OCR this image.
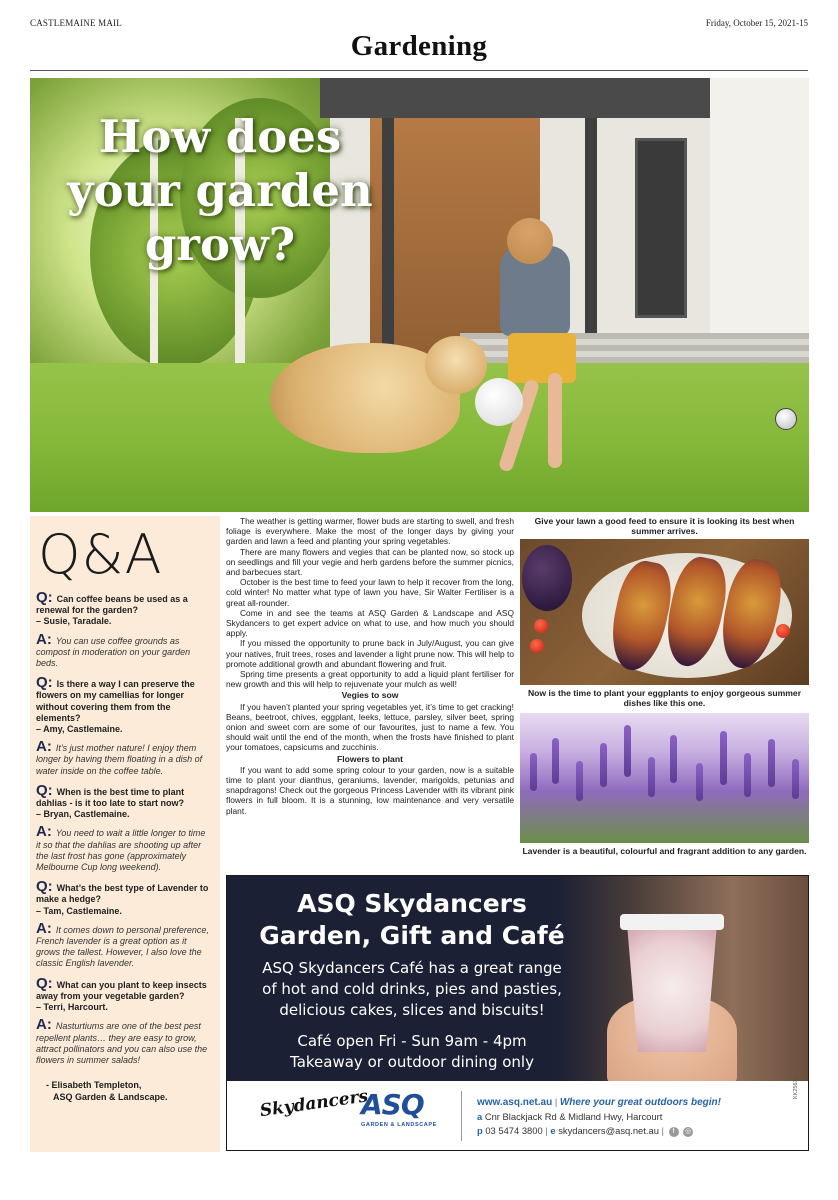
CASTLEMAINE MAIL	Friday, October 15, 2021-15
Gardening
How does
your garden
grow?
Q&A
Q: Can coffee beans be used as a renewal for the garden?
– Susie, Taradale.
A: You can use coffee grounds as compost in moderation on your garden beds.
Q: Is there a way I can preserve the flowers on my camellias for longer without covering them from the elements?
– Amy, Castlemaine.
A: It’s just mother nature! I enjoy them longer by having them floating in a dish of water inside on the coffee table.
Q: When is the best time to plant dahlias - is it too late to start now?
– Bryan, Castlemaine.
A: You need to wait a little longer to time it so that the dahlias are shooting up after the last frost has gone (approximately Melbourne Cup long weekend).
Q: What’s the best type of Lavender to make a hedge?
– Tam, Castlemaine.
A: It comes down to personal preference, French lavender is a great option as it grows the tallest. However, I also love the classic English lavender.
Q: What can you plant to keep insects away from your vegetable garden?
– Terri, Harcourt.
A: Nasturtiums are one of the best pest repellent plants… they are easy to grow, attract pollinators and you can also use the flowers in summer salads!
- Elisabeth Templeton,
ASQ Garden & Landscape.

The weather is getting warmer, flower buds are starting to swell, and fresh foliage is everywhere. Make the most of the longer days by giving your garden and lawn a feed and planting your spring vegetables.

There are many flowers and vegies that can be planted now, so stock up on seedlings and fill your vegie and herb gardens before the summer picnics, and barbecues start.

October is the best time to feed your lawn to help it recover from the long, cold winter! No matter what type of lawn you have, Sir Walter Fertiliser is a great all-rounder.

Come in and see the teams at ASQ Garden & Landscape and ASQ Skydancers to get expert advice on what to use, and how much you should apply.

If you missed the opportunity to prune back in July/August, you can give your natives, fruit trees, roses and lavender a light prune now. This will help to promote additional growth and abundant flowering and fruit.

Spring time presents a great opportunity to add a liquid plant fertiliser for new growth and this will help to rejuvenate your mulch as well!

Vegies to sow

If you haven’t planted your spring vegetables yet, it’s time to get cracking! Beans, beetroot, chives, eggplant, leeks, lettuce, parsley, silver beet, spring onion and sweet corn are some of our favourites, just to name a few. You should wait until the end of the month, when the frosts have finished to plant your tomatoes, capsicums and zucchinis.

Flowers to plant

If you want to add some spring colour to your garden, now is a suitable time to plant your dianthus, geraniums, lavender, marigolds, petunias and snapdragons! Check out the gorgeous Princess Lavender with its vibrant pink flowers in full bloom. It is a stunning, low maintenance and very versatile plant.

Give your lawn a good feed to ensure it is looking its best when summer arrives.
Now is the time to plant your eggplants to enjoy gorgeous summer dishes like this one.
Lavender is a beautiful, colourful and fragrant addition to any garden.
ASQ Skydancers
Garden, Gift and Café
ASQ Skydancers Café has a great range
of hot and cold drinks, pies and pasties,
delicious cakes, slices and biscuits!
Café open Fri - Sun 9am - 4pm
Takeaway or outdoor dining only
Skydancers
ASQ
GARDEN & LANDSCAPE
www.asq.net.au | Where your great outdoors begin!
a Cnr Blackjack Rd & Midland Hwy, Harcourt
p 03 5474 3800 | e skydancers@asq.net.au | f ◎
KK25616
